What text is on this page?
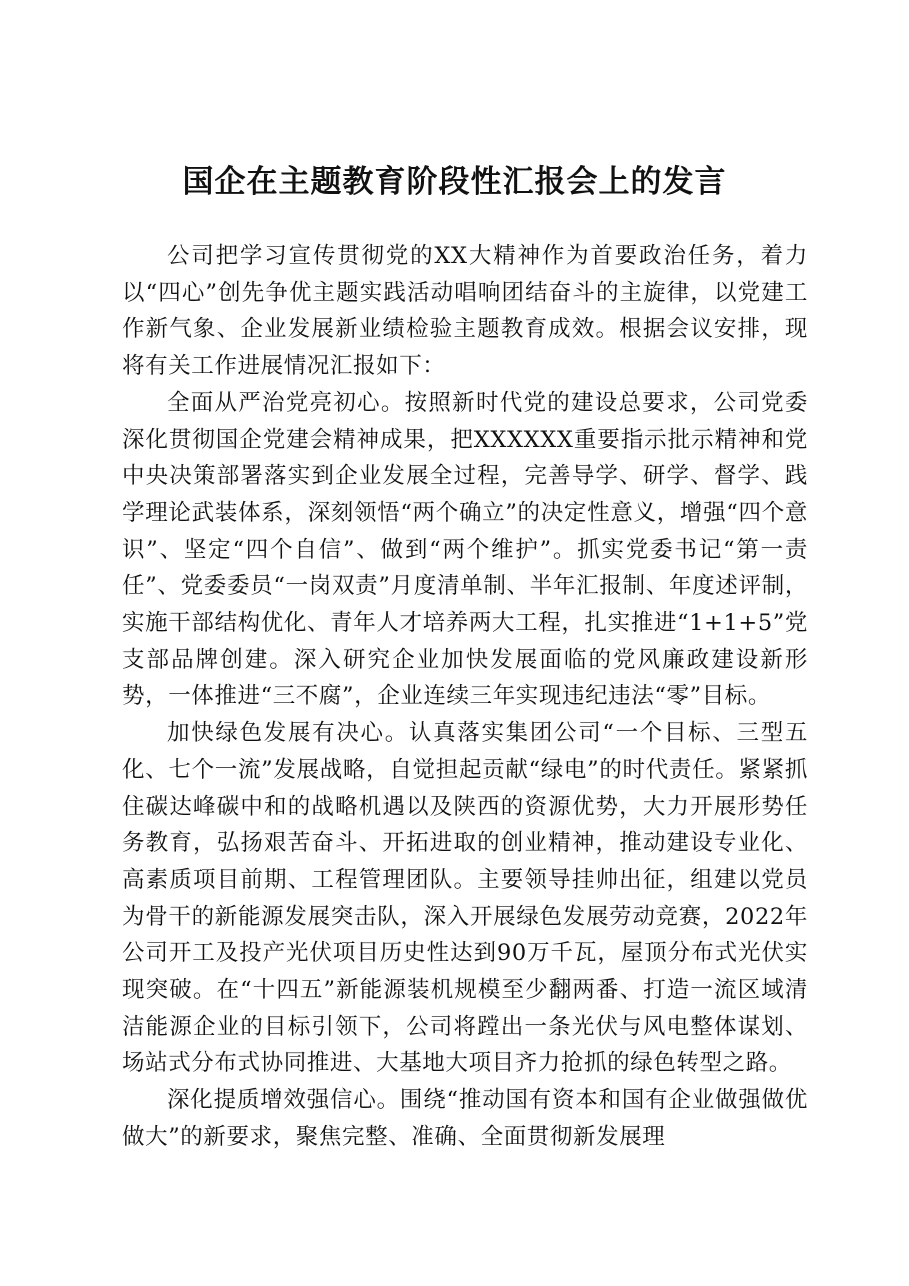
国企在主题教育阶段性汇报会上的发言

公司把学习宣传贯彻党的XX大精神作为首要政治任务，着力以“四心”创先争优主题实践活动唱响团结奋斗的主旋律，以党建工作新气象、企业发展新业绩检验主题教育成效。根据会议安排，现将有关工作进展情况汇报如下：

全面从严治党亮初心。按照新时代党的建设总要求，公司党委深化贯彻国企党建会精神成果，把XXXXXX重要指示批示精神和党中央决策部署落实到企业发展全过程，完善导学、研学、督学、践学理论武装体系，深刻领悟“两个确立”的决定性意义，增强“四个意识”、坚定“四个自信”、做到“两个维护”。抓实党委书记“第一责任”、党委委员“一岗双责”月度清单制、半年汇报制、年度述评制，实施干部结构优化、青年人才培养两大工程，扎实推进“1+1+5”党支部品牌创建。深入研究企业加快发展面临的党风廉政建设新形势，一体推进“三不腐”，企业连续三年实现违纪违法“零”目标。

加快绿色发展有决心。认真落实集团公司“一个目标、三型五化、七个一流”发展战略，自觉担起贡献“绿电”的时代责任。紧紧抓住碳达峰碳中和的战略机遇以及陕西的资源优势，大力开展形势任务教育，弘扬艰苦奋斗、开拓进取的创业精神，推动建设专业化、高素质项目前期、工程管理团队。主要领导挂帅出征，组建以党员为骨干的新能源发展突击队，深入开展绿色发展劳动竞赛，2022年公司开工及投产光伏项目历史性达到90万千瓦，屋顶分布式光伏实现突破。在“十四五”新能源装机规模至少翻两番、打造一流区域清洁能源企业的目标引领下，公司将蹚出一条光伏与风电整体谋划、场站式分布式协同推进、大基地大项目齐力抢抓的绿色转型之路。

深化提质增效强信心。围绕“推动国有资本和国有企业做强做优做大”的新要求，聚焦完整、准确、全面贯彻新发展理
